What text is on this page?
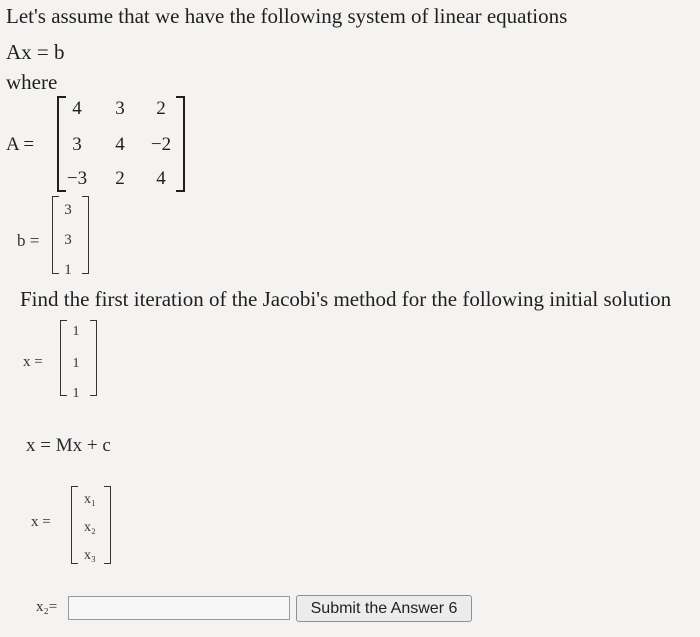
Let's assume that we have the following system of linear equations
Ax = b
where
A =
4	3	2
3	4	−2
−3	2	4
b =
3
3
1
Find the first iteration of the Jacobi's method for the following initial solution
x =
1
1
1
x = Mx + c
x =
x₁
x₂
x₃
x₂=	Submit the Answer 6
